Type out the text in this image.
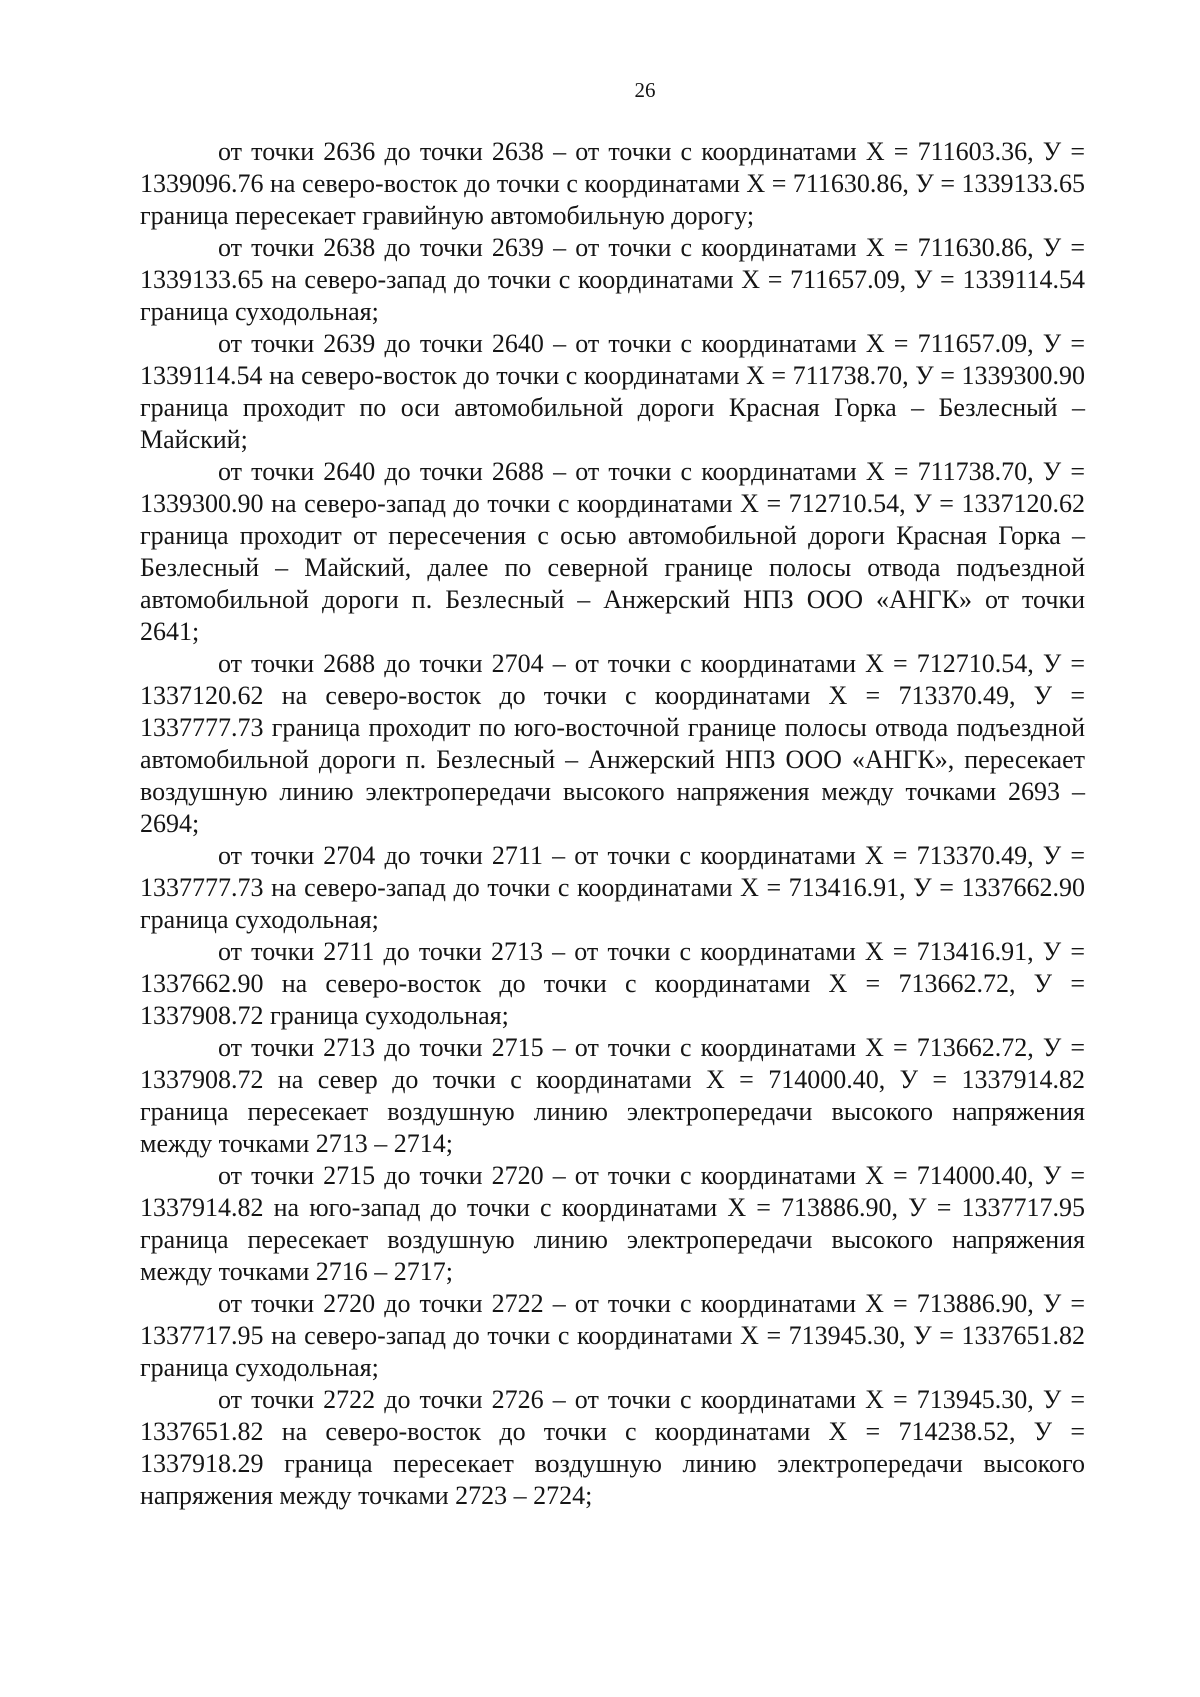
26

от точки 2636 до точки 2638 – от точки с координатами X = 711603.36, У = 1339096.76 на северо-восток до точки с координатами X = 711630.86, У = 1339133.65 граница пересекает гравийную автомобильную дорогу;

от точки 2638 до точки 2639 – от точки с координатами X = 711630.86, У = 1339133.65 на северо-запад до точки с координатами X = 711657.09, У = 1339114.54 граница суходольная;

от точки 2639 до точки 2640 – от точки с координатами X = 711657.09, У = 1339114.54 на северо-восток до точки с координатами X = 711738.70, У = 1339300.90 граница проходит по оси автомобильной дороги Красная Горка – Безлесный – Майский;

от точки 2640 до точки 2688 – от точки с координатами X = 711738.70, У = 1339300.90 на северо-запад до точки с координатами X = 712710.54, У = 1337120.62 граница проходит от пересечения с осью автомобильной дороги Красная Горка – Безлесный – Майский, далее по северной границе полосы отвода подъездной автомобильной дороги п. Безлесный – Анжерский НПЗ ООО «АНГК» от точки 2641;

от точки 2688 до точки 2704 – от точки с координатами X = 712710.54, У = 1337120.62 на северо-восток до точки с координатами X = 713370.49, У = 1337777.73 граница проходит по юго-восточной границе полосы отвода подъездной автомобильной дороги п. Безлесный – Анжерский НПЗ ООО «АНГК», пересекает воздушную линию электропередачи высокого напряжения между точками 2693 – 2694;

от точки 2704 до точки 2711 – от точки с координатами X = 713370.49, У = 1337777.73 на северо-запад до точки с координатами X = 713416.91, У = 1337662.90 граница суходольная;

от точки 2711 до точки 2713 – от точки с координатами X = 713416.91, У = 1337662.90 на северо-восток до точки с координатами X = 713662.72, У = 1337908.72 граница суходольная;

от точки 2713 до точки 2715 – от точки с координатами X = 713662.72, У = 1337908.72 на север до точки с координатами X = 714000.40, У = 1337914.82 граница пересекает воздушную линию электропередачи высокого напряжения между точками 2713 – 2714;

от точки 2715 до точки 2720 – от точки с координатами X = 714000.40, У = 1337914.82 на юго-запад до точки с координатами X = 713886.90, У = 1337717.95 граница пересекает воздушную линию электропередачи высокого напряжения между точками 2716 – 2717;

от точки 2720 до точки 2722 – от точки с координатами X = 713886.90, У = 1337717.95 на северо-запад до точки с координатами X = 713945.30, У = 1337651.82 граница суходольная;

от точки 2722 до точки 2726 – от точки с координатами X = 713945.30, У = 1337651.82 на северо-восток до точки с координатами X = 714238.52, У = 1337918.29 граница пересекает воздушную линию электропередачи высокого напряжения между точками 2723 – 2724;
